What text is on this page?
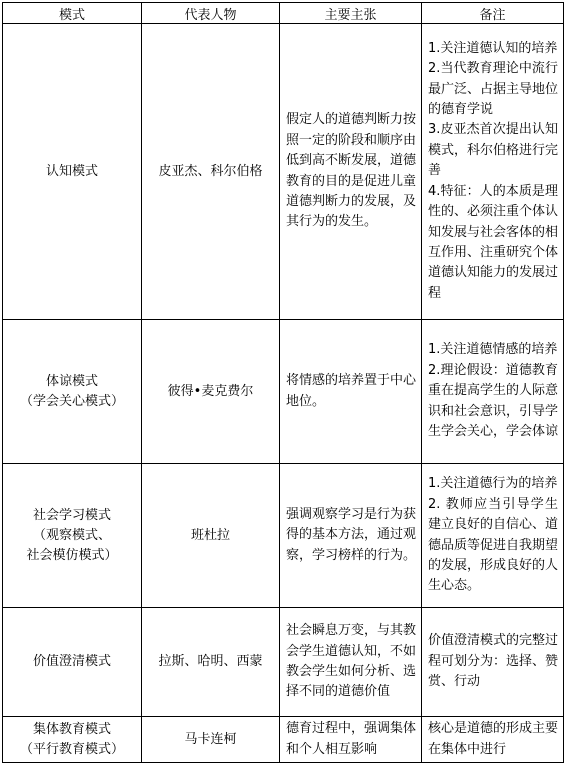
模式	代表人物	主要主张	备注

认知模式	皮亚杰、科尔伯格	假定人的道德判断力按照一定的阶段和顺序由低到高不断发展，道德教育的目的是促进儿童道德判断力的发展，及其行为的发生。	1.关注道德认知的培养
2.当代教育理论中流行最广泛、占据主导地位的德育学说
3.皮亚杰首次提出认知模式，科尔伯格进行完善
4.特征：人的本质是理性的、必须注重个体认知发展与社会客体的相互作用、注重研究个体道德认知能力的发展过程

体谅模式
（学会关心模式）	彼得•麦克费尔	将情感的培养置于中心地位。	1.关注道德情感的培养
2.理论假设：道德教育重在提高学生的人际意识和社会意识，引导学生学会关心，学会体谅

社会学习模式
（观察模式、
社会模仿模式）	班杜拉	强调观察学习是行为获得的基本方法，通过观察，学习榜样的行为。	1.关注道德行为的培养
2. 教师应当引导学生建立良好的自信心、道德品质等促进自我期望的发展，形成良好的人生心态。

价值澄清模式	拉斯、哈明、西蒙	社会瞬息万变，与其教会学生道德认知，不如教会学生如何分析、选择不同的道德价值	价值澄清模式的完整过程可划分为：选择、赞赏、行动

集体教育模式
（平行教育模式）	马卡连柯	德育过程中，强调集体和个人相互影响	核心是道德的形成主要在集体中进行
